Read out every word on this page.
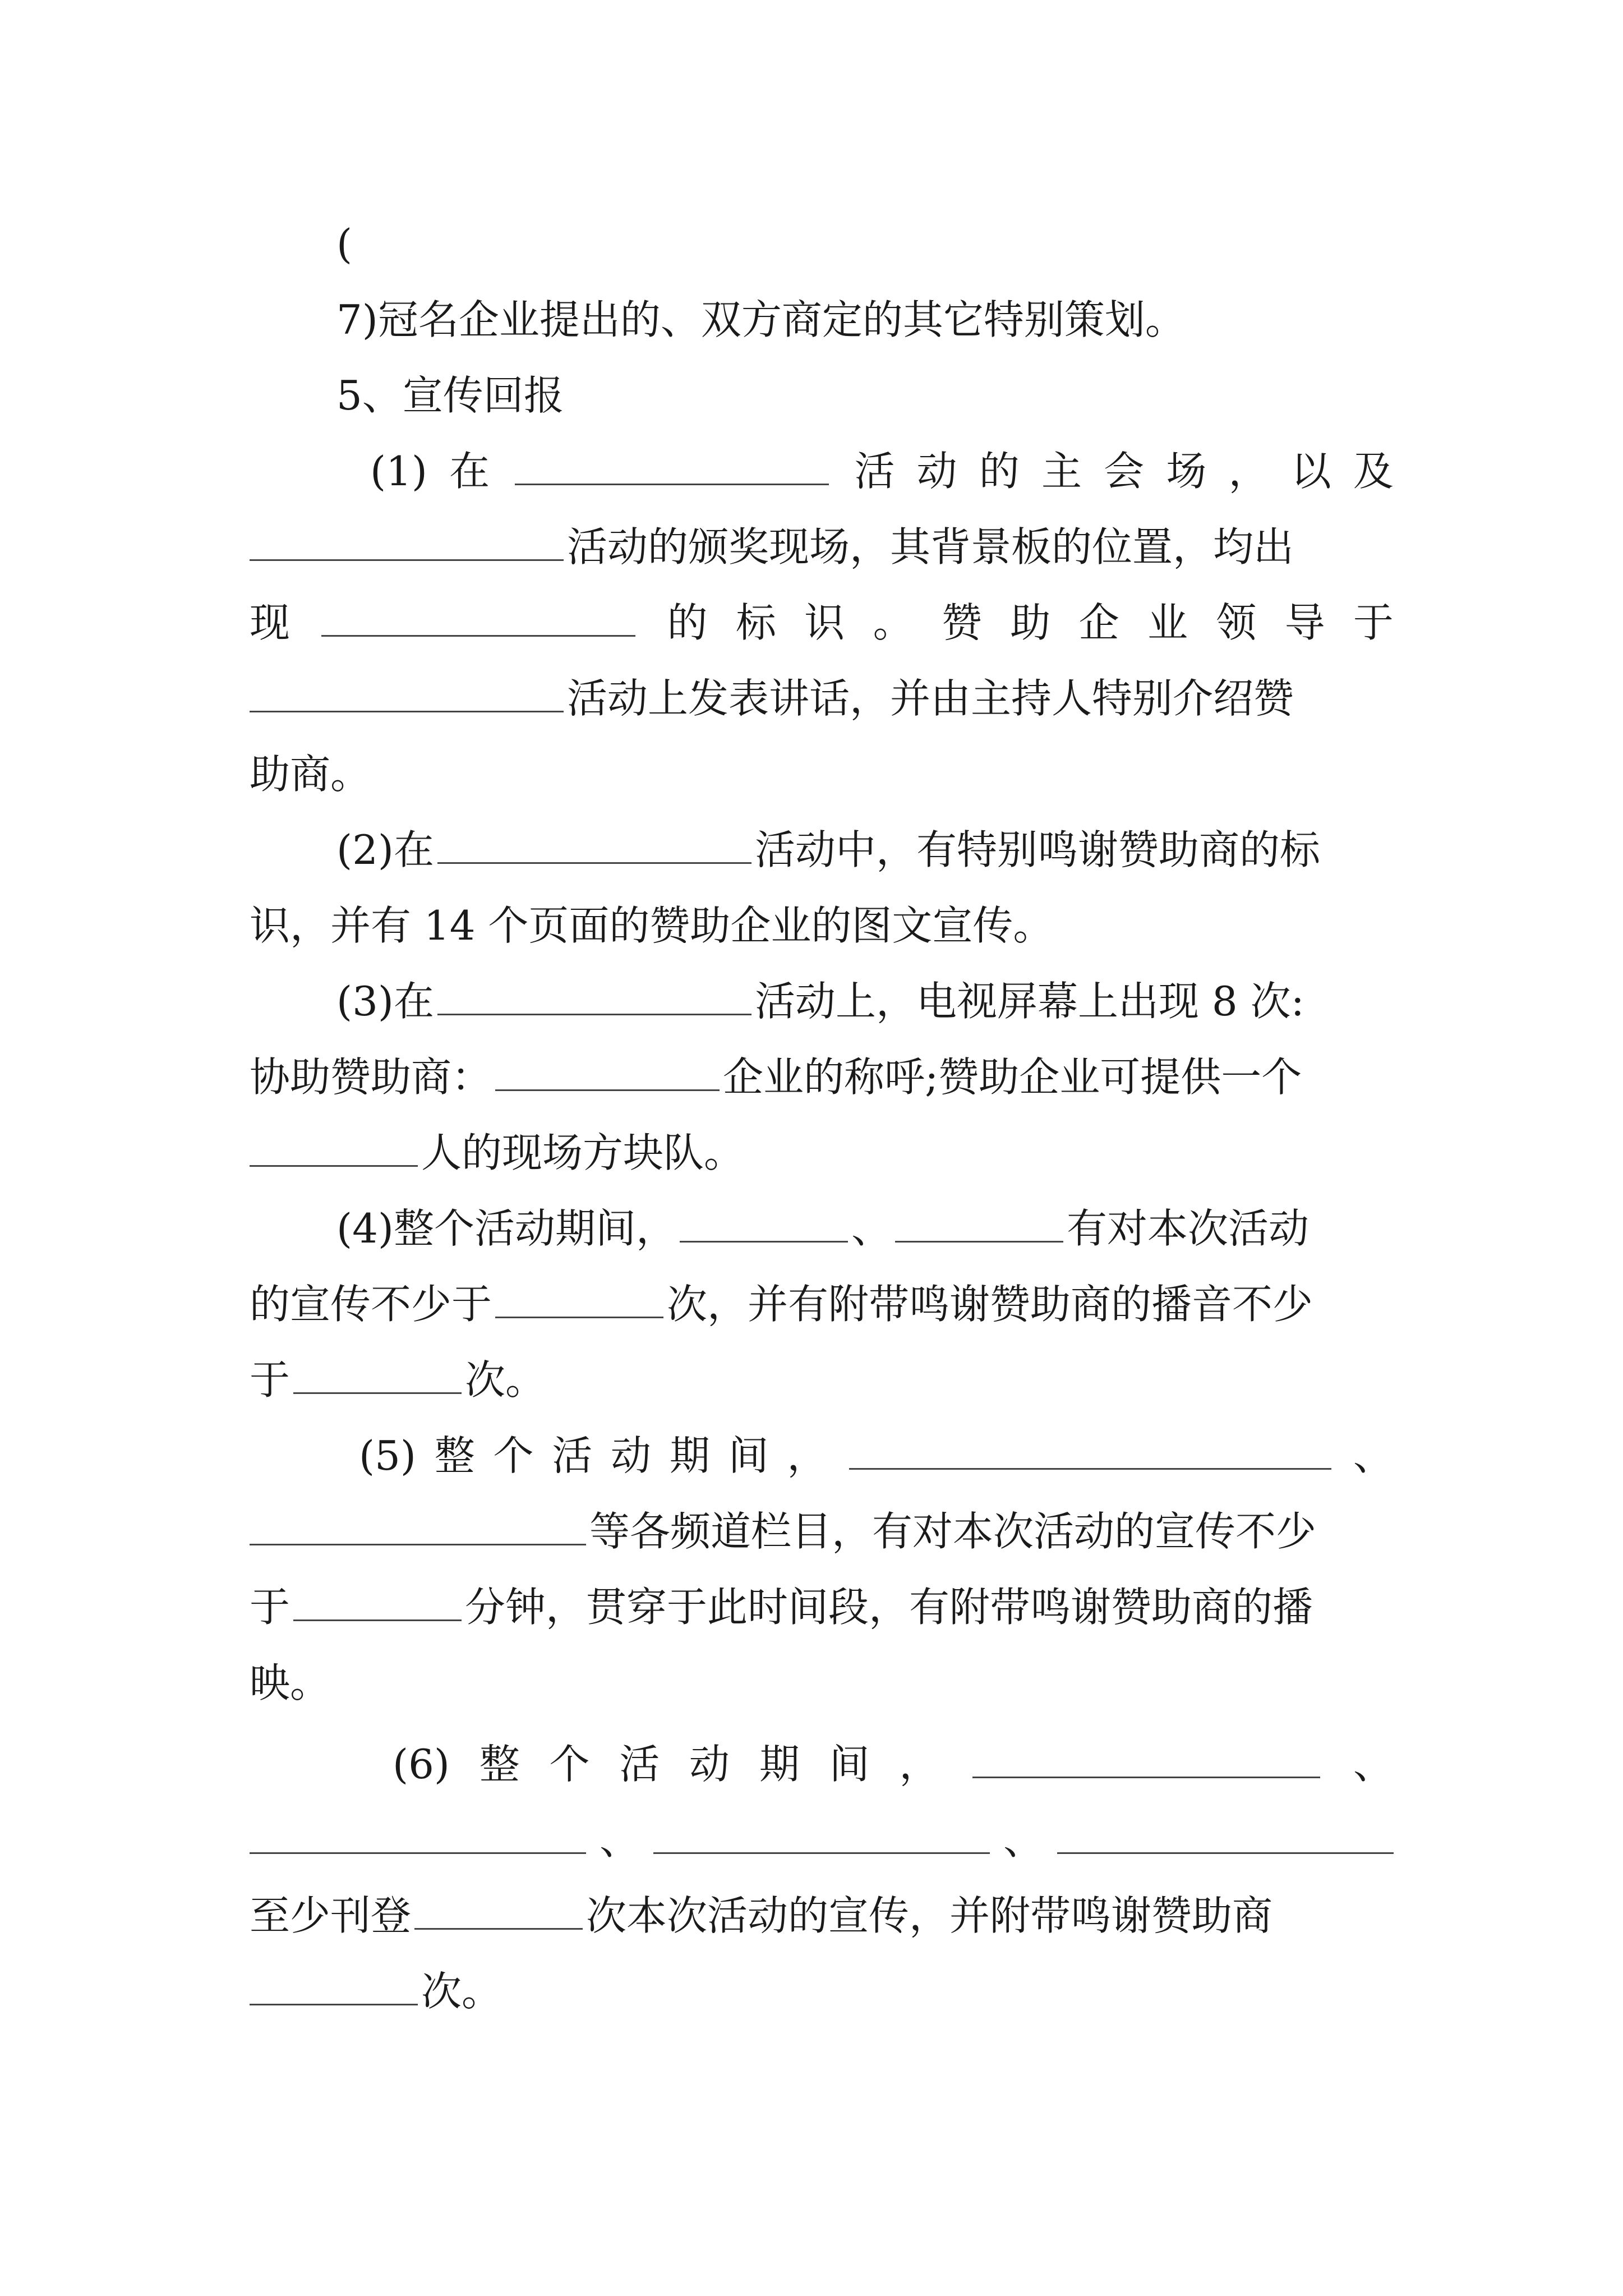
(
7)冠名企业提出的、双方商定的其它特别策划。
5、宣传回报
(1) 在	活 动 的 主 会 场 ， 以 及
活动的颁奖现场，其背景板的位置，均出
现	的 标 识 。 赞 助 企 业 领 导 于
活动上发表讲话，并由主持人特别介绍赞
助商。
(2)在	活动中，有特别鸣谢赞助商的标
识，并有 14 个页面的赞助企业的图文宣传。
(3)在	活动上，电视屏幕上出现 8 次:
协助赞助商：	企业的称呼;赞助企业可提供一个
人的现场方块队。
(4)整个活动期间，	、	有对本次活动
的宣传不少于	次，并有附带鸣谢赞助商的播音不少
于	次。
(5) 整 个 活 动 期 间 ，	、
等各频道栏目，有对本次活动的宣传不少
于	分钟，贯穿于此时间段，有附带鸣谢赞助商的播
映。
(6) 整 个 活 动 期 间 ，	、
、	、
至少刊登	次本次活动的宣传，并附带鸣谢赞助商
次。
